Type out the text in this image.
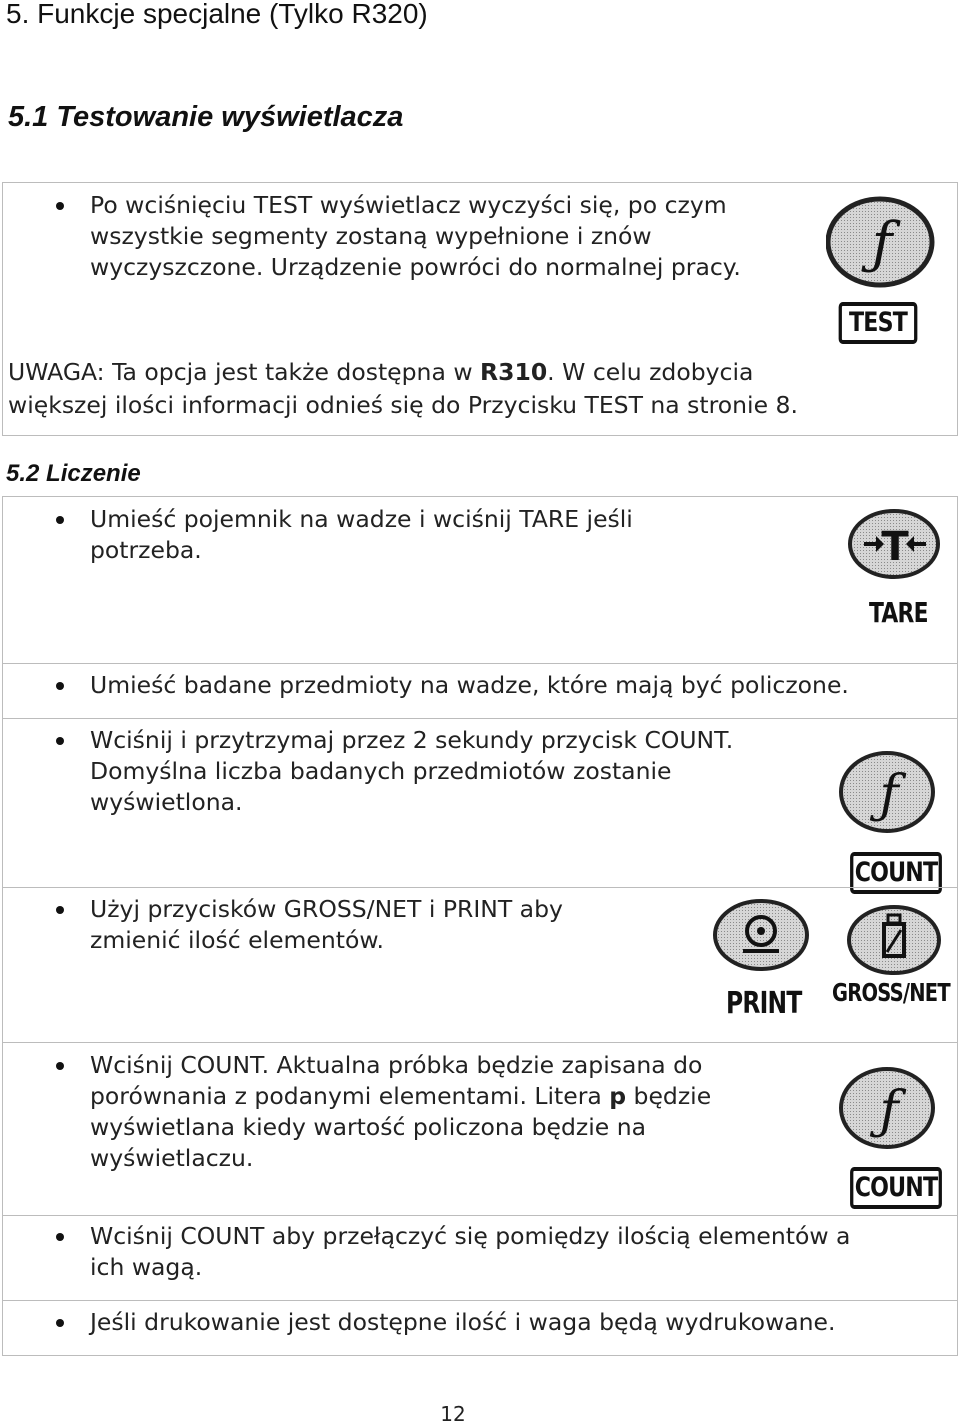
5. Funkcje specjalne (Tylko R320)
5.1 Testowanie wyświetlacza
Po wciśnięciu TEST wyświetlacz wyczyści się, po czym
wszystkie segmenty zostaną wypełnione i znów
wyczyszczone. Urządzenie powróci do normalnej pracy.
UWAGA: Ta opcja jest także dostępna w R310. W celu zdobycia
większej ilości informacji odnieś się do Przycisku TEST na stronie 8.
ƒ
TEST
5.2 Liczenie
Umieść pojemnik na wadze i wciśnij TARE jeśli
potrzeba.	T
TARE
Umieść badane przedmioty na wadze, które mają być policzone.
Wciśnij i przytrzymaj przez 2 sekundy przycisk COUNT.
Domyślna liczba badanych przedmiotów zostanie
wyświetlona.	ƒ
COUNT
Użyj przycisków GROSS/NET i PRINT aby
zmienić ilość elementów.
PRINT GROSS/NET
Wciśnij COUNT. Aktualna próbka będzie zapisana do
porównania z podanymi elementami. Litera p będzie
wyświetlana kiedy wartość policzona będzie na
wyświetlaczu.
ƒ
COUNT
Wciśnij COUNT aby przełączyć się pomiędzy ilością elementów a
ich wagą.
Jeśli drukowanie jest dostępne ilość i waga będą wydrukowane.
12
